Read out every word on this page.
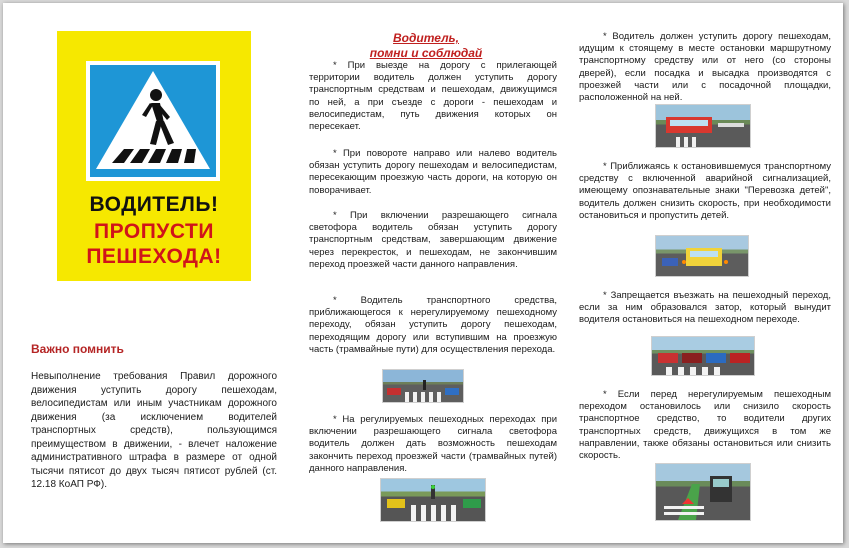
ВОДИТЕЛЬ!
ПРОПУСТИ
ПЕШЕХОДА!
Важно помнить
Невыполнение требования Правил дорожного движения уступить дорогу пешеходам, велосипедистам или иным участникам дорожного движения (за исключением водителей транспортных средств), пользующимся преимуществом в движении, - влечет наложение административного штрафа в размере от одной тысячи пятисот до двух тысяч пятисот рублей (ст. 12.18 КоАП РФ).
Водитель,
помни и соблюдай
* При выезде на дорогу с прилегающей территории водитель должен уступить дорогу транспортным средствам и пешеходам, движущимся по ней, а при съезде с дороги - пешеходам и велосипедистам, путь движения которых он пересекает.
* При повороте направо или налево водитель обязан уступить дорогу пешеходам и велосипедистам, пересекающим проезжую часть дороги, на которую он поворачивает.
* При включении разрешающего сигнала светофора водитель обязан уступить дорогу транспортным средствам, завершающим движение через перекресток, и пешеходам, не закончившим переход проезжей части данного направления.
* Водитель транспортного средства, приближающегося к нерегулируемому пешеходному переходу, обязан уступить дорогу пешеходам, переходящим дорогу или вступившим на проезжую часть (трамвайные пути) для осуществления перехода.
* На регулируемых пешеходных переходах при включении разрешающего сигнала светофора водитель должен дать возможность пешеходам закончить переход проезжей части (трамвайных путей) данного направления.
* Водитель должен уступить дорогу пешеходам, идущим к стоящему в месте остановки маршрутному транспортному средству или от него (со стороны дверей), если посадка и высадка производятся с проезжей части или с посадочной площадки, расположенной на ней.
* Приближаясь к остановившемуся транспортному средству с включенной аварийной сигнализацией, имеющему опознавательные знаки "Перевозка детей", водитель должен снизить скорость, при необходимости остановиться и пропустить детей.
* Запрещается въезжать на пешеходный переход, если за ним образовался затор, который вынудит водителя остановиться на пешеходном переходе.
* Если перед нерегулируемым пешеходным переходом остановилось или снизило скорость транспортное средство, то водители других транспортных средств, движущихся в том же направлении, также обязаны остановиться или снизить скорость.
